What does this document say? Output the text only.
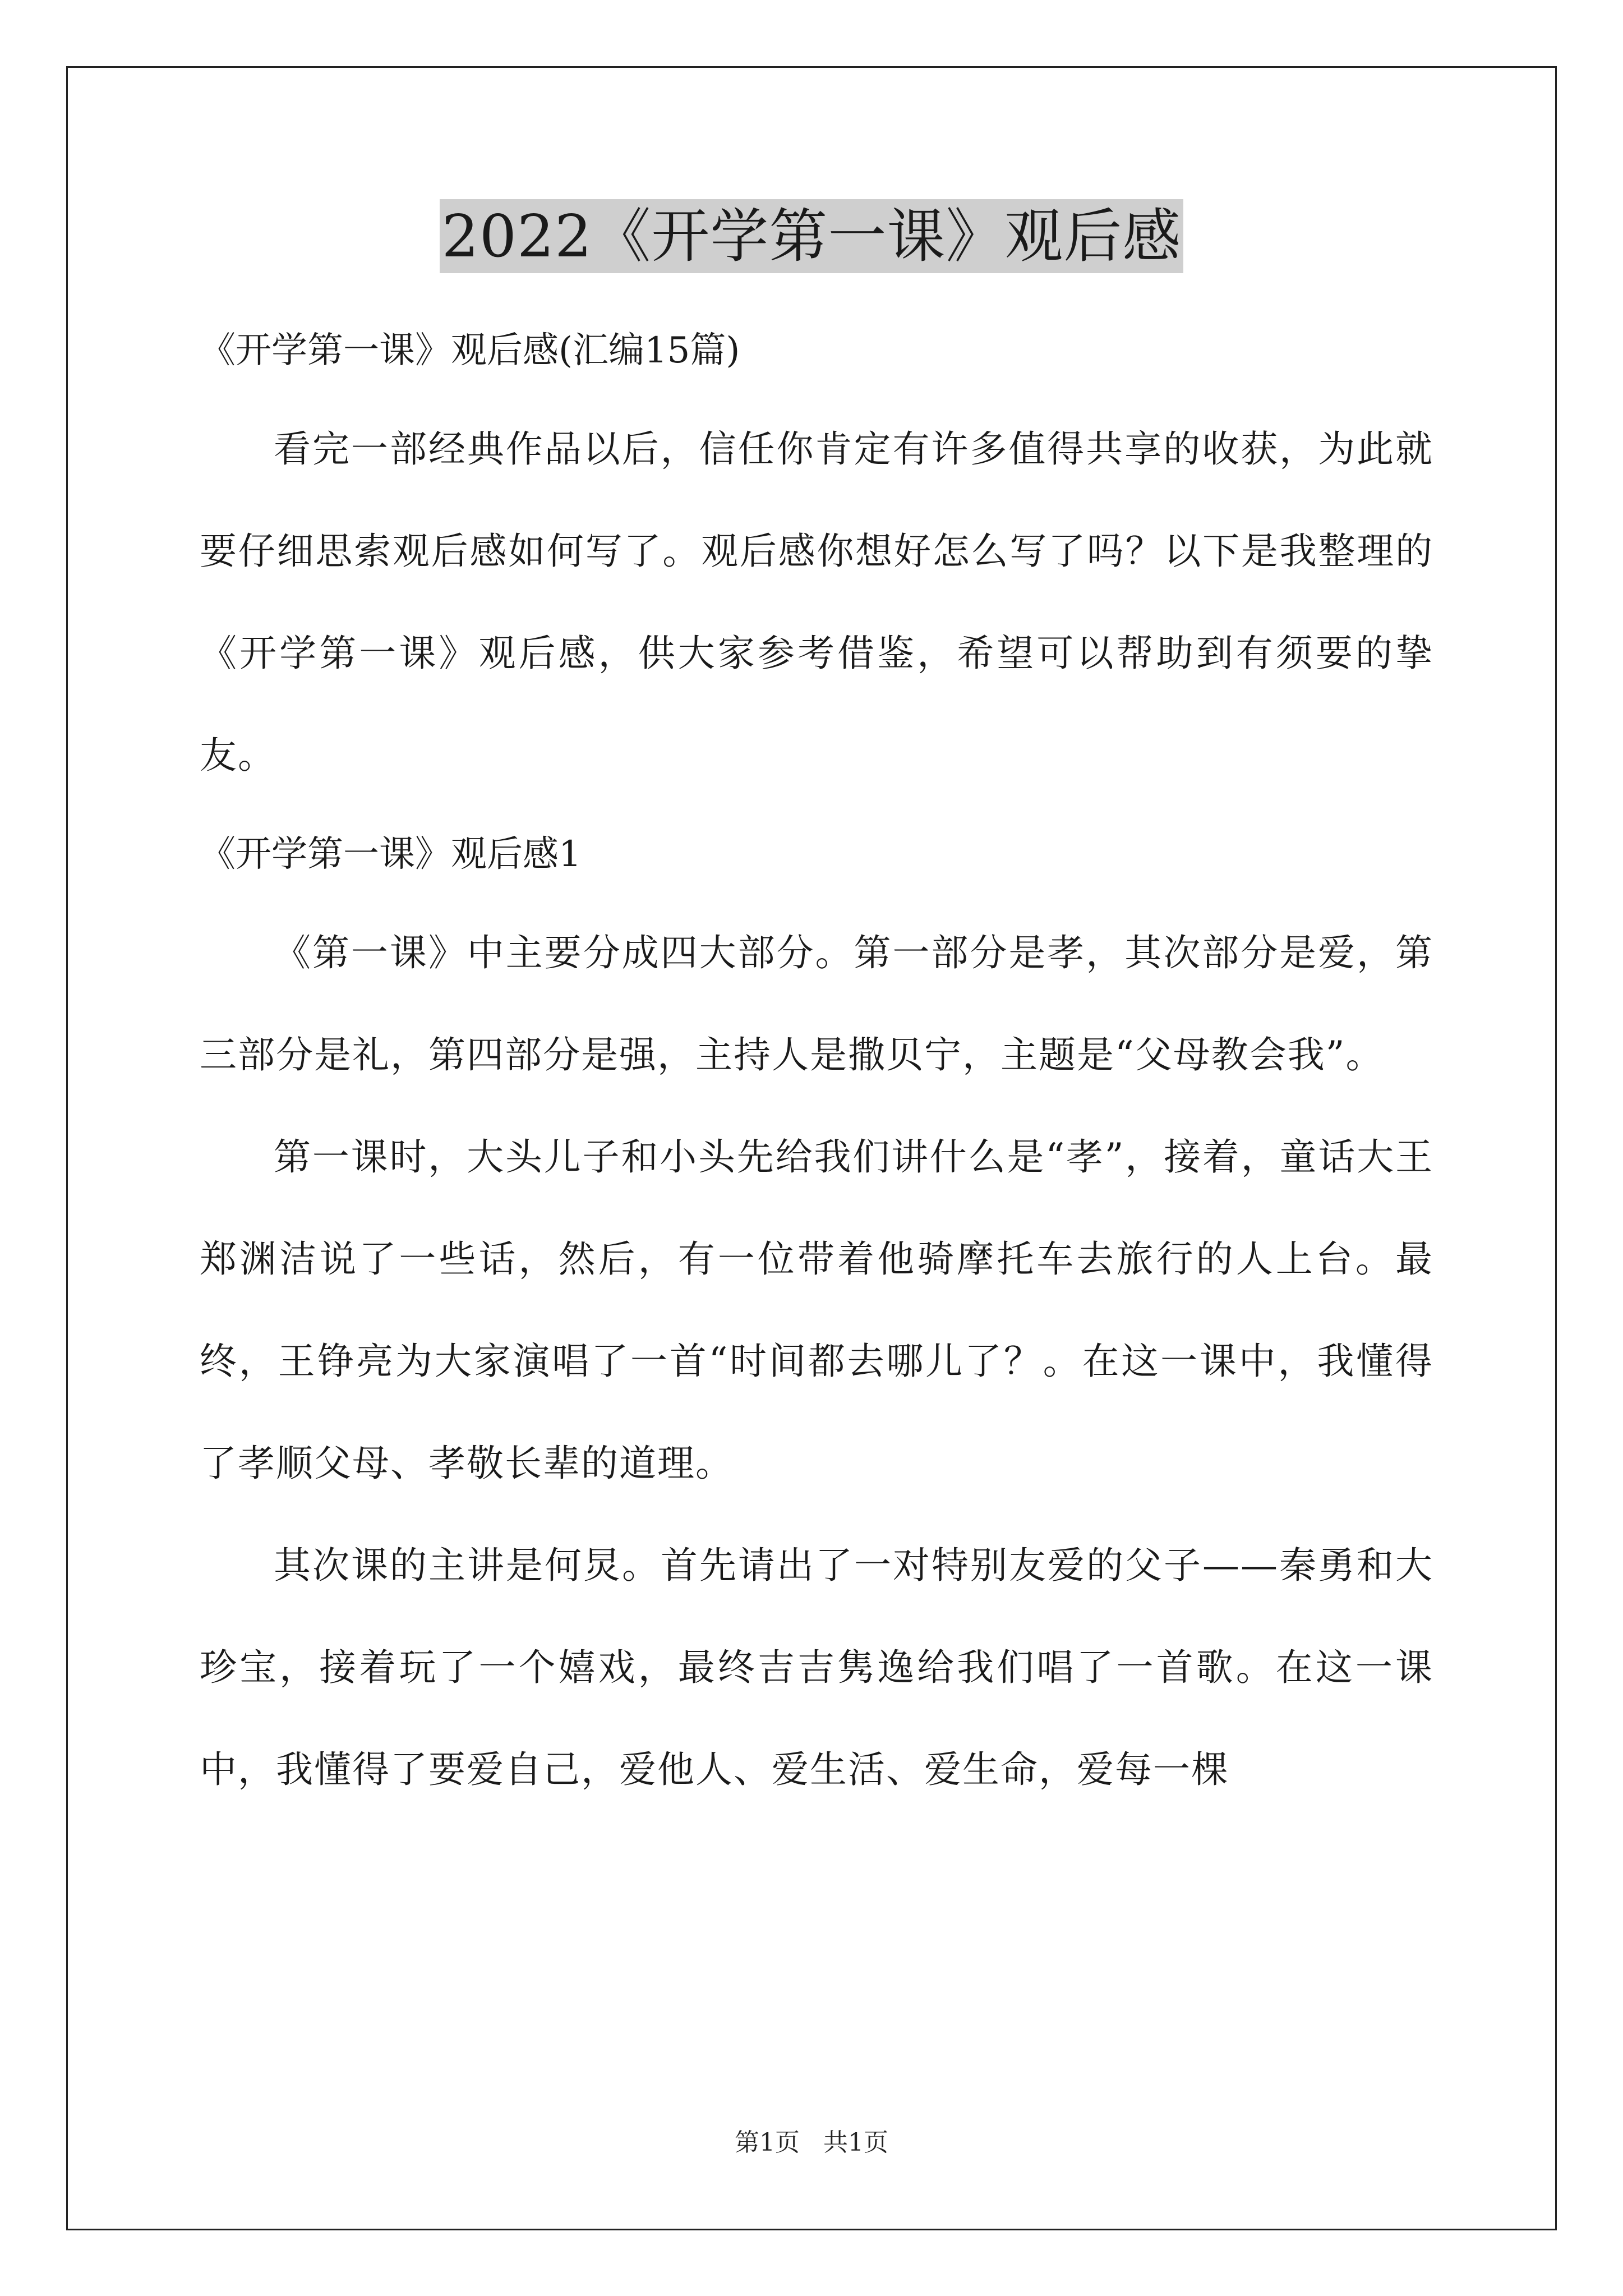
2022《开学第一课》观后感

《开学第一课》观后感(汇编15篇)

看完一部经典作品以后，信任你肯定有许多值得共享的收获，为此就要仔细思索观后感如何写了。观后感你想好怎么写了吗？以下是我整理的《开学第一课》观后感，供大家参考借鉴，希望可以帮助到有须要的挚友。

《开学第一课》观后感1

《第一课》中主要分成四大部分。第一部分是孝，其次部分是爱，第三部分是礼，第四部分是强，主持人是撒贝宁，主题是“父母教会我”。

第一课时，大头儿子和小头先给我们讲什么是“孝”，接着，童话大王郑渊洁说了一些话，然后，有一位带着他骑摩托车去旅行的人上台。最终，王铮亮为大家演唱了一首“时间都去哪儿了？。在这一课中，我懂得了孝顺父母、孝敬长辈的道理。

其次课的主讲是何炅。首先请出了一对特别友爱的父子——秦勇和大珍宝，接着玩了一个嬉戏，最终吉吉隽逸给我们唱了一首歌。在这一课中，我懂得了要爱自己，爱他人、爱生活、爱生命，爱每一棵

第1页 共1页
